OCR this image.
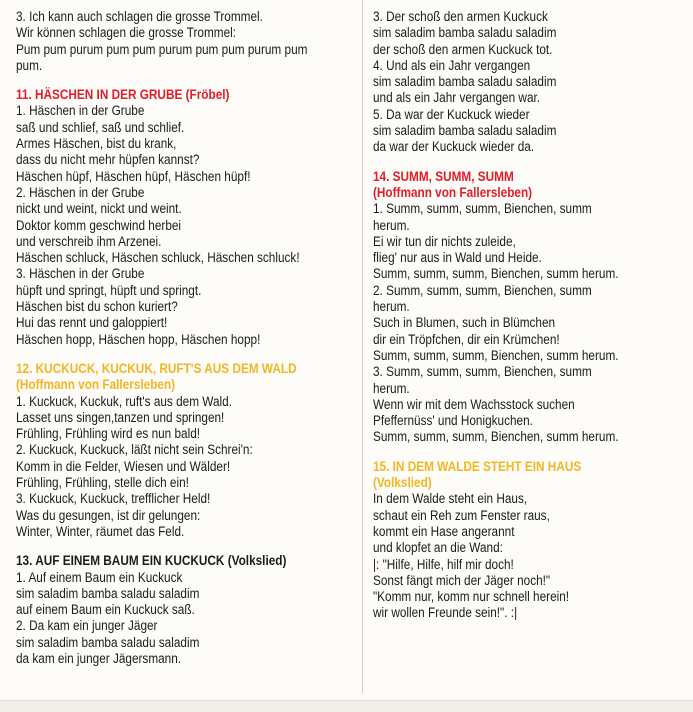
3. Ich kann auch schlagen die grosse Trommel.
Wir können schlagen die grosse Trommel:
Pum pum purum pum pum purum pum pum purum pum
pum.
11. HÄSCHEN IN DER GRUBE (Fröbel)
1. Häschen in der Grube
saß und schlief, saß und schlief.
Armes Häschen, bist du krank,
dass du nicht mehr hüpfen kannst?
Häschen hüpf, Häschen hüpf, Häschen hüpf!
2. Häschen in der Grube
nickt und weint, nickt und weint.
Doktor komm geschwind herbei
und verschreib ihm Arzenei.
Häschen schluck, Häschen schluck, Häschen schluck!
3. Häschen in der Grube
hüpft und springt, hüpft und springt.
Häschen bist du schon kuriert?
Hui das rennt und galoppiert!
Häschen hopp, Häschen hopp, Häschen hopp!
12. KUCKUCK, KUCKUK, RUFT'S AUS DEM WALD
(Hoffmann von Fallersleben)
1. Kuckuck, Kuckuk, ruft's aus dem Wald.
Lasset uns singen,tanzen und springen!
Frühling, Frühling wird es nun bald!
2. Kuckuck, Kuckuck, läßt nicht sein Schrei'n:
Komm in die Felder, Wiesen und Wälder!
Frühling, Frühling, stelle dich ein!
3. Kuckuck, Kuckuck, trefflicher Held!
Was du gesungen, ist dir gelungen:
Winter, Winter, räumet das Feld.
13. AUF EINEM BAUM EIN KUCKUCK (Volkslied)
1. Auf einem Baum ein Kuckuck
sim saladim bamba saladu saladim
auf einem Baum ein Kuckuck saß.
2. Da kam ein junger Jäger
sim saladim bamba saladu saladim
da kam ein junger Jägersmann.
3. Der schoß den armen Kuckuck
sim saladim bamba saladu saladim
der schoß den armen Kuckuck tot.
4. Und als ein Jahr vergangen
sim saladim bamba saladu saladim
und als ein Jahr vergangen war.
5. Da war der Kuckuck wieder
sim saladim bamba saladu saladim
da war der Kuckuck wieder da.
14. SUMM, SUMM, SUMM
(Hoffmann von Fallersleben)
1. Summ, summ, summ, Bienchen, summ
herum.
Ei wir tun dir nichts zuleide,
flieg' nur aus in Wald und Heide.
Summ, summ, summ, Bienchen, summ herum.
2. Summ, summ, summ, Bienchen, summ
herum.
Such in Blumen, such in Blümchen
dir ein Tröpfchen, dir ein Krümchen!
Summ, summ, summ, Bienchen, summ herum.
3. Summ, summ, summ, Bienchen, summ
herum.
Wenn wir mit dem Wachsstock suchen
Pfeffernüss' und Honigkuchen.
Summ, summ, summ, Bienchen, summ herum.
15. IN DEM WALDE STEHT EIN HAUS
(Volkslied)
In dem Walde steht ein Haus,
schaut ein Reh zum Fenster raus,
kommt ein Hase angerannt
und klopfet an die Wand:
|: "Hilfe, Hilfe, hilf mir doch!
Sonst fängt mich der Jäger noch!"
"Komm nur, komm nur schnell herein!
wir wollen Freunde sein!". :|
